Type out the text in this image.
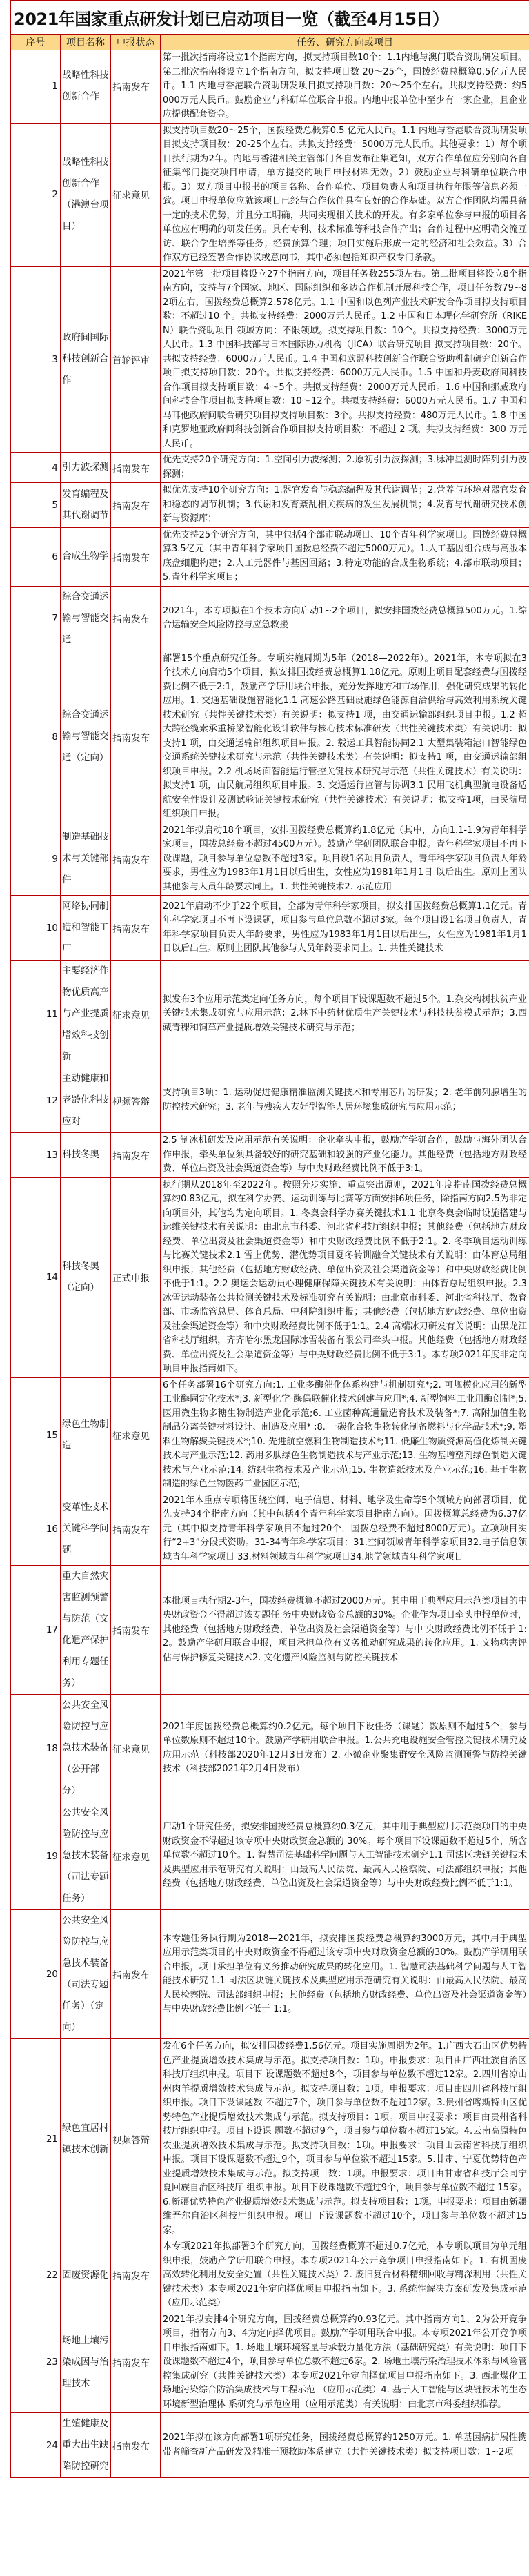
2021年国家重点研发计划已启动项目一览（截至4月15日）			
序号	项目名称	申报状态	任务、研究方向或项目
1	战略性科技创新合作	指南发布	第一批次指南将设立1个指南方向，拟支持项目数10个：1.1内地与澳门联合资助研发项目。第二批次指南将设立1个指南方向，拟支持项目数 20～25个，国拨经费总概算0.5亿元人民币。1.1 内地与香港联合资助研发项目拟支持项目数：20～25个左右。共拟支持经费：约5000万元人民币。鼓励企业与科研单位联合申报。内地申报单位中至少有一家企业，且企业应提供配套资金。
2	战略性科技创新合作（港澳台项目）	征求意见	拟支持项目数20～25个，国拨经费总概算0.5 亿元人民币。1.1 内地与香港联合资助研发项目拟支持项目数：20-25个左右。共拟支持经费：5000万元人民币。其他要求：1）每个项目执行期为2年。内地与香港相关主管部门各自发布征集通知，双方合作单位应分别向各自征集部门提交项目申请，单方提交的项目申报材料无效。2）鼓励企业与科研单位联合申报。3）双方项目申报书的项目名称、合作单位、项目负责人和项目执行年限等信息必须一致。项目申报单位应就该项目已经与合作伙伴具有良好的合作基础。双方合作团队均需具备一定的技术优势，并且分工明确，共同实现相关技术的开发。有多家单位参与申报的项目各单位应有明确的研发任务。具有专利、技术标准等科技合作产出；合作过程中应明确交流互访、联合学生培养等任务；经费预算合理；项目实施后形成一定的经济和社会效益。3）合作双方已经签署合作协议或意向书，其中必须包括知识产权专门条款。
3	政府间国际科技创新合作	首轮评审	2021年第一批项目将设立27个指南方向，项目任务数255项左右。第二批项目将设立8个指南方向，支持与7个国家、地区、国际组织和多边合作机制开展科技合作，项目任务数79~82项左右，国拨经费总概算2.578亿元。1.1 中国和以色列产业技术研发合作项目拟支持项目数：不超过10 个。共拟支持经费：2000万元人民币。1.2 中国和日本理化学研究所（RIKEN）联合资助项目 领域方向：不限领域。拟支持项目数：10个。共拟支持经费：3000万元人民币。1.3 中国科技部与日本国际协力机构（JICA）联合研究项目 拟支持项目数：20个。共拟支持经费：6000万元人民币。1.4 中国和欧盟科技创新合作联合资助机制研究创新合作项目拟支持项目数：20个。共拟支持经费：6000万元人民币。1.5 中国和丹麦政府间科技合作项目拟支持项目数：4～5个。共拟支持经费：2000万元人民币。1.6 中国和挪威政府间科技合作项目拟支持项目数：10～12个。共拟支持经费：6000万元人民币。1.7 中国和马耳他政府间联合研究项目拟支持项目数：3个。共拟支持经费：480万元人民币。1.8 中国和克罗地亚政府间科技创新合作项目拟支持项目数：不超过 2 项。共拟支持经费：300 万元人民币。
4	引力波探测	指南发布	优先支持20个研究方向：1.空间引力波探测；2.原初引力波探测；3.脉冲星测时阵列引力波探测；
5	发育编程及其代谢调节	指南发布	拟优先支持10个研究方向：1.器官发育与稳态编程及其代谢调节；2.营养与环境对器官发育和稳态的调节机制；3.代谢和发育紊乱相关疾病的发生发展机制；4.发育与代谢研究技术创新与资源库；
6	合成生物学	指南发布	优先支持25个研究方向，其中包括4个部市联动项目、10个青年科学家项目。国拨经费总概算3.5亿元（其中青年科学家项目国拨总经费不超过5000万元）。1.人工基因组合成与高版本底盘细胞构建；2.人工元器件与基因回路；3.特定功能的合成生物系统；4.部市联动项目；5.青年科学家项目；
7	综合交通运输与智能交通	指南发布	2021年，本专项拟在1个技术方向启动1~2个项目，拟安排国拨经费总概算500万元。1.综合运输安全风险防控与应急救援
8	综合交通运输与智能交通（定向）	指南发布	部署15个重点研究任务。专项实施周期为5年（2018—2022年）。2021年，本专项拟在3个技术方向启动5个项目，拟安排国拨经费总概算1.18亿元。原则上项目配套经费与国拨经费比例不低于2:1，鼓励产学研用联合申报，充分发挥地方和市场作用，强化研究成果的转化应用。1. 交通基础设施智能化1.1 高速公路基础设施绿色能源自洽供给与高效利用系统关键技术研究（共性关键技术类）有关说明：拟支持1 项，由交通运输部组织项目申报。1.2 超大跨径缆索承重桥梁智能化设计软件与核心技术标准研发（共性关键技术类）有关说明：拟支持1 项，由交通运输部组织项目申报。2. 载运工具智能协同2.1 大型集装箱港口智能绿色交通系统关键技术研究与示范（共性关键技术类）有关说明：拟支持1 项，由交通运输部组织项目申报。2.2 机场场面智能运行管控关键技术研究与示范（共性关键技术）有关说明：拟支持1 项，由民航局组织项目申报。3. 交通运行监管与协调3.1 民用飞机典型航电设备适航安全性设计及测试验证关键技术研究（共性关键技术）有关说明：拟支持1项，由民航局组织项目申报。
9	制造基础技术与关键部件	指南发布	2021年拟启动18个项目，安排国拨经费总概算约1.8亿元（其中，方向1.1-1.9为青年科学家项目，国拨总经费不超过4500万元）。鼓励产学研团队联合申报。青年科学家项目不再下设课题，项目参与单位总数不超过3家。项目设1名项目负责人，青年科学家项目负责人年龄要求，男性应为1983年1月1日以后出生，女性应为1981年1月1日 以后出生。原则上团队其他参与人员年龄要求同上。1. 共性关键技术2. 示范应用
10	网络协同制造和智能工厂	指南发布	2021年启动不少于22个项目，全部为青年科学家项目，拟安排国拨经费总概算1.1亿元。青年科学家项目不再下设课题，项目参与单位总数不超过3家。每个项目设1名项目负责人，青年科学家项目负责人年龄要求，男性应为1983年1月1日以后出生，女性应为1981年1月1日以后出生。原则上团队其他参与人员年龄要求同上。1. 共性关键技术
11	主要经济作物优质高产与产业提质增效科技创新	征求意见	拟发布3个应用示范类定向任务方向，每个项目下设课题数不超过5个。1.杂交构树扶贫产业关键技术集成研究与应用示范；2.林下中药材优质生产关键技术与科技扶贫模式示范；3.西藏青稞和饲草产业提质增效关键技术研究与示范；
12	主动健康和老龄化科技应对	视频答辩	支持项目3项：1. 运动促进健康精准监测关键技术和专用芯片的研发；2. 老年前列腺增生的防控技术研究；3. 老年与残疾人友好型智能人居环境集成研究与应用示范；
13	科技冬奥	指南发布	2.5 制冰机研发及应用示范有关说明：企业牵头申报，鼓励产学研合作，鼓励与海外团队合作申报，牵头单位须具备较好的研究基础和较强的产业化能力。其他经费（包括地方财政经费、单位出资及社会渠道资金等）与中央财政经费比例不低于3:1。
14	科技冬奥（定向）	正式申报	执行期从2018年至2022年。按照分步实施、重点突出原则，2021年度指南国拨经费总概算约0.83亿元，拟在科学办赛、运动训练与比赛等方面安排6项任务，除指南方向2.5为非定向项目外，其他均为定向项目。1. 冬奥会科学办赛关键技术1.1 北京冬奥会临时设施搭建与运维关键技术有关说明：由北京市科委、河北省科技厅组织申报；其他经费（包括地方财政经费、单位出资及社会渠道资金等）和中央财政经费比例不低于2:1。2. 冬季项目运动训练与比赛关键技术2.1 雪上优势、潜优势项目夏冬转训融合关键技术有关说明：由体育总局组织申报；其他经费（包括地方财政经费、单位出资及社会渠道资金等）和中央财政经费比例不低于1:1。2.2 奥运会运动员心理健康保障关键技术有关说明：由体育总局组织申报。2.3 冰雪运动装备公共检测关键技术及标准研究有关说明：由北京市科委、河北省科技厅、教育部、市场监管总局、体育总局、中科院组织申报；其他经费（包括地方财政经费、单位出资及社会渠道资金等）和中央财政经费比例不低于1:1。2.4 高端冰刀研发有关说明：由黑龙江省科技厅组织，齐齐哈尔黑龙国际冰雪装备有限公司牵头申报。其他经费（包括地方财政经费、单位出资及社会渠道资金等）与中央财政经费比例不低于3:1。本专项2021年度非定向项目申报指南如下。
15	绿色生物制造	征求意见	6个任务部署16个研究方向:1. 工业多酶催化体系构建与机制研究*;2. 可规模化应用的新型工业酶固定化技术*;3. 新型化学-酶偶联催化技术创建与应用*;4. 新型饲料工业用酶创制*;5. 医用微生物多糖生物制造产业化示范;6. 工业菌种高通量选育技术及装备*;7. 高附加值生物制品分离关键材料设计、制造及应用* ;8. 一碳化合物生物转化制备燃料与化学品技术*;9. 塑料生物解聚关键技术*;10. 先进航空燃料生物制造技术*;11. 低廉生物质资源高值化炼制关键技术与产业示范;12. 药用多肽绿色生物制造技术与产业示范;13. 生物基增塑剂绿色制造关键技术与产业示范;14. 纺织生物技术及产业示范;15. 生物造纸技术及产业示范;16. 基于生物制造的绿色生物医药工业园区示范;
16	变革性技术关键科学问题	指南发布	2021年本重点专项将围绕空间、电子信息、材料、地学及生命等5个领域方向部署项目，优先支持34个指南方向（其中包括4个青年科学家项目指南方向）。国拨概算总经费为6.37亿元（其中拟支持青年科学家项目不超过20个，国拨总经费不超过8000万元）。立项项目实行“2+3”分段式资助。31-34青年科学家项目：31.空间领域青年科学家项目32.电子信息领域青年科学家项目 33.材料领域青年科学家项目34.地学领域青年科学家项目
17	重大自然灾害监测预警与防范（文化遗产保护利用专题任务）	指南发布	本批项目执行期2-3年，国拨经费概算不超过2000万元。其中用于典型应用示范类项目的中央财政资金不得超过该专题任 务中央财政资金总额的30%。企业作为项目牵头申报单位时，其他经费（包括地方财政经费、单位出资及社会渠道资金等）与中 央财政经费比例不低于 1:2。鼓励产学研用联合申报，项目承担单位有义务推动研究成果的转化应用。1. 文物病害评估与保护修复关键技术2. 文化遗产风险监测与防控关键技术
18	公共安全风险防控与应急技术装备（公开部分）	征求意见	2021年度国拨经费总概算约0.2亿元。每个项目下设任务（课题）数原则不超过5个，参与单位数原则不超过10个。鼓励产学研用联合申报。1.公共充电设施安全管控关键技术研究及应用示范（科技部2020年12月3日发布）2. 小微企业聚集群安全风险监测预警与防控关键技术（科技部2021年2月4日发布）
19	公共安全风险防控与应急技术装备（司法专题任务）	征求意见	启动1个研究任务，拟安排国拨经费总概算约0.3亿元，其中用于典型应用示范类项目的中央财政资金不得超过该专项中央财政资金总额的 30%。每个项目下设课题数不超过5个，所含单位数不超过10个。1. 智慧司法基础科学问题与人工智能技术研究1.1 司法区块链关键技术及典型应用示范研究有关说明：由最高人民法院、最高人民检察院、司法部组织申报；其他经费（包括地方财政经费、单位出资及社会渠道资金等）与中央财政经费比例不低于1:1。
20	公共安全风险防控与应急技术装备（司法专题任务）（定向）	指南发布	本专题任务执行期为2018—2021年，拟安排国拨经费总概算约3000万元，其中用于典型应用示范类项目的中央财政资金不得超过该专项中央财政资金总额的30%。鼓励产学研用联合申报，项目承担单位有义务推动研究成果的转化应用。1. 智慧司法基础科学问题与人工智能技术研究 1.1 司法区块链关键技术及典型应用示范研究有关说明：由最高人民法院、最高人民检察院、司法部组织申报；其他经费（包括地方财政经费、单位出资及社会渠道资金等）与中央财政经费比例不低于 1:1。
21	绿色宜居村镇技术创新	视频答辩	发布6个任务方向，拟安排国拨经费1.56亿元。项目实施周期为2年。1.广西大石山区优势特色产业提质增效技术集成与示范。拟支持项目数：1项。申报要求：项目由广西壮族自治区科技厅组织申报。项目下 设课题数不超过8个，项目参与单位数不超过12家。2.四川省凉山州肉羊提质增效技术集成与示范。拟支持项目数：1项。申报要求：项目由四川省科技厅组织申报。项目下设课题数 不超过7个，项目参与单位数不超过12家。3.贵州省喀斯特山区优势特色产业提质增效技术集成与示范。拟支持项目：1项。项目申报要求：项目由贵州省科技厅组织申报。项目下设课 题数不超过9个，项目参与单位数不超过15家。4.云南高原特色农业提质增效技术集成与示范。拟支持项目数：1项。申报要求：项目由云南省科技厅组织申报。项目下设课题数不超过9个，项目参与单位数不超过15家。5.甘肃、宁夏优势特色产业提质增效技术集成与示范。拟支持项目数：1项。申报要求：项目由甘肃省科技厅会同宁夏回族自治区科技厅 组织申报。项目下设课题数不超过9个，项目参与单位数不超过 15家。6.新疆优势特色产业提质增效技术集成与示范。拟支持项目数：1项。申报要求：项目由新疆维吾尔自治区科技厅组织申报。项目 下设课题数不超过10个，项目参与单位数不超过15家。
22	固废资源化	指南发布	本专项2021年拟部署3个研究方向，国拨经费概算不超过0.7亿元，本专项以项目为单元组织申报，鼓励产学研用联合申报。本专项2021年公开竞争项目申报指南如下。1. 有机固废高效转化利用及安全处置（共性关键技术类）2. 废旧复合材料精细回收与精深利用（共性关键技术类）本专项2021年定向择优项目申报指南如下。3. 系统性解决方案研发及集成示范（应用示范类）
23	场地土壤污染成因与治理技术	指南发布	2021年拟安排4个研究方向，国拨经费总概算约0.93亿元。其中指南方向1、2为公开竞争项目，指南方向3、4为定向择优项目。鼓励产学研用联合申报。本专项2021年公开竞争项目申报指南如下。1. 场地土壤环境容量与承载力量化方法（基础研究类）有关说明：项目下设课题数不超过4个，项目参与单位总数不超过6家。2. 场地土壤污染治理技术体系与风险管控集成研究（共性关键技术类）本专项2021年定向择优项目申报指南如下。3. 西北煤化工场地污染综合防治集成技术与工程示范 （应用示范类）4. 基于人工智能与区块链技术的生态环境新型治理体 系研究与示范应用（应用示范类）有关说明：由北京市科委组织推荐。
24	生殖健康及重大出生缺陷防控研究	指南发布	2021年拟在该方向部署1项研究任务，国拨经费总概算约1250万元。1. 单基因病扩展性携带者筛查新产品研发及精准干预救助体系建立（共性关键技术类）拟支持项目数：1~2项
